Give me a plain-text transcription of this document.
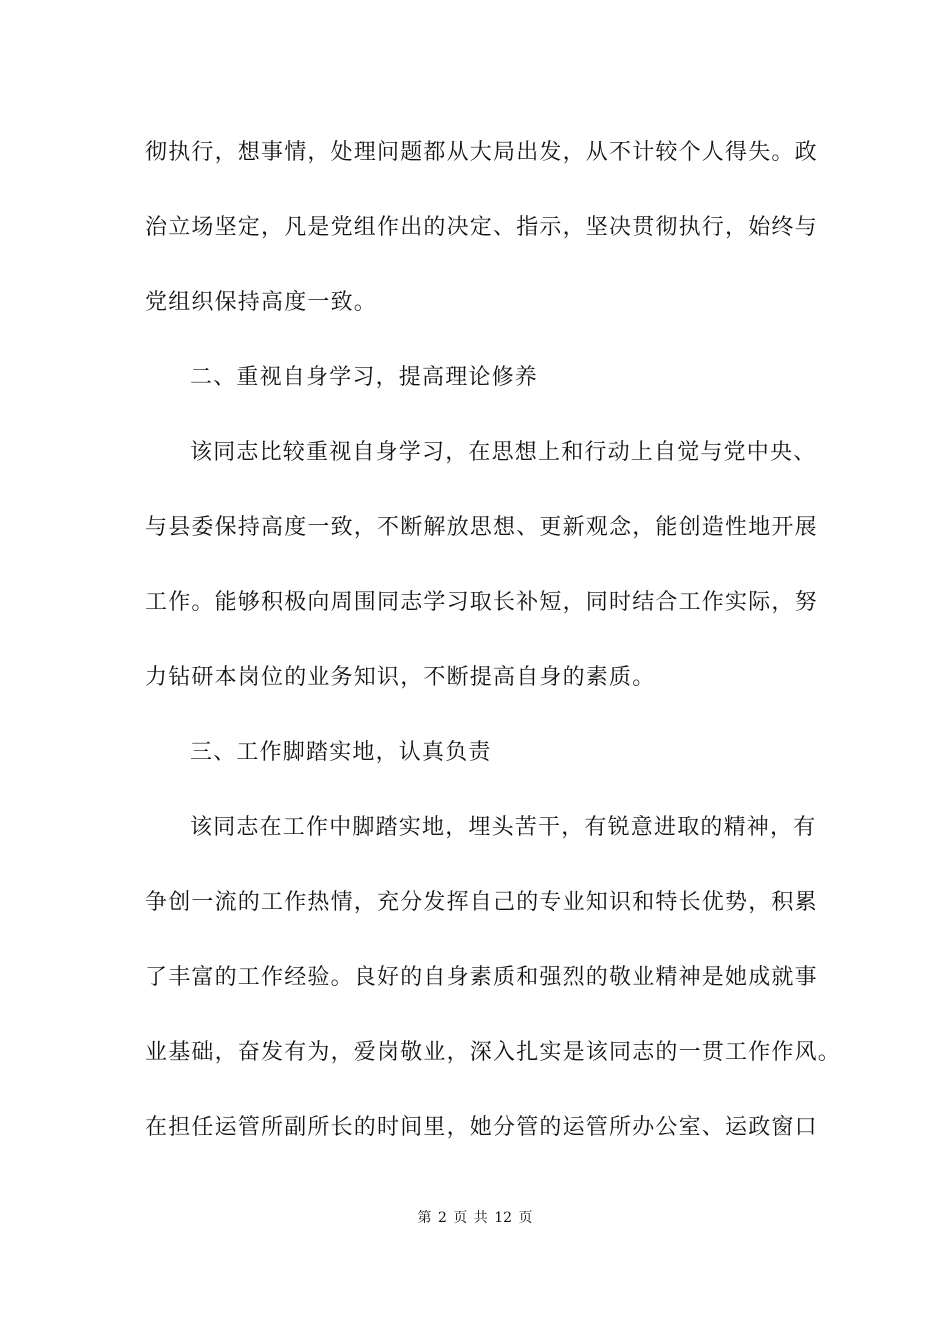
彻执行，想事情，处理问题都从大局出发，从不计较个人得失。政
治立场坚定，凡是党组作出的决定、指示，坚决贯彻执行，始终与
党组织保持高度一致。
二、重视自身学习，提高理论修养
该同志比较重视自身学习，在思想上和行动上自觉与党中央、
与县委保持高度一致，不断解放思想、更新观念，能创造性地开展
工作。能够积极向周围同志学习取长补短，同时结合工作实际，努
力钻研本岗位的业务知识，不断提高自身的素质。
三、工作脚踏实地，认真负责
该同志在工作中脚踏实地，埋头苦干，有锐意进取的精神，有
争创一流的工作热情，充分发挥自己的专业知识和特长优势，积累
了丰富的工作经验。良好的自身素质和强烈的敬业精神是她成就事
业基础，奋发有为，爱岗敬业，深入扎实是该同志的一贯工作作风。
在担任运管所副所长的时间里，她分管的运管所办公室、运政窗口
第 2 页 共 12 页
